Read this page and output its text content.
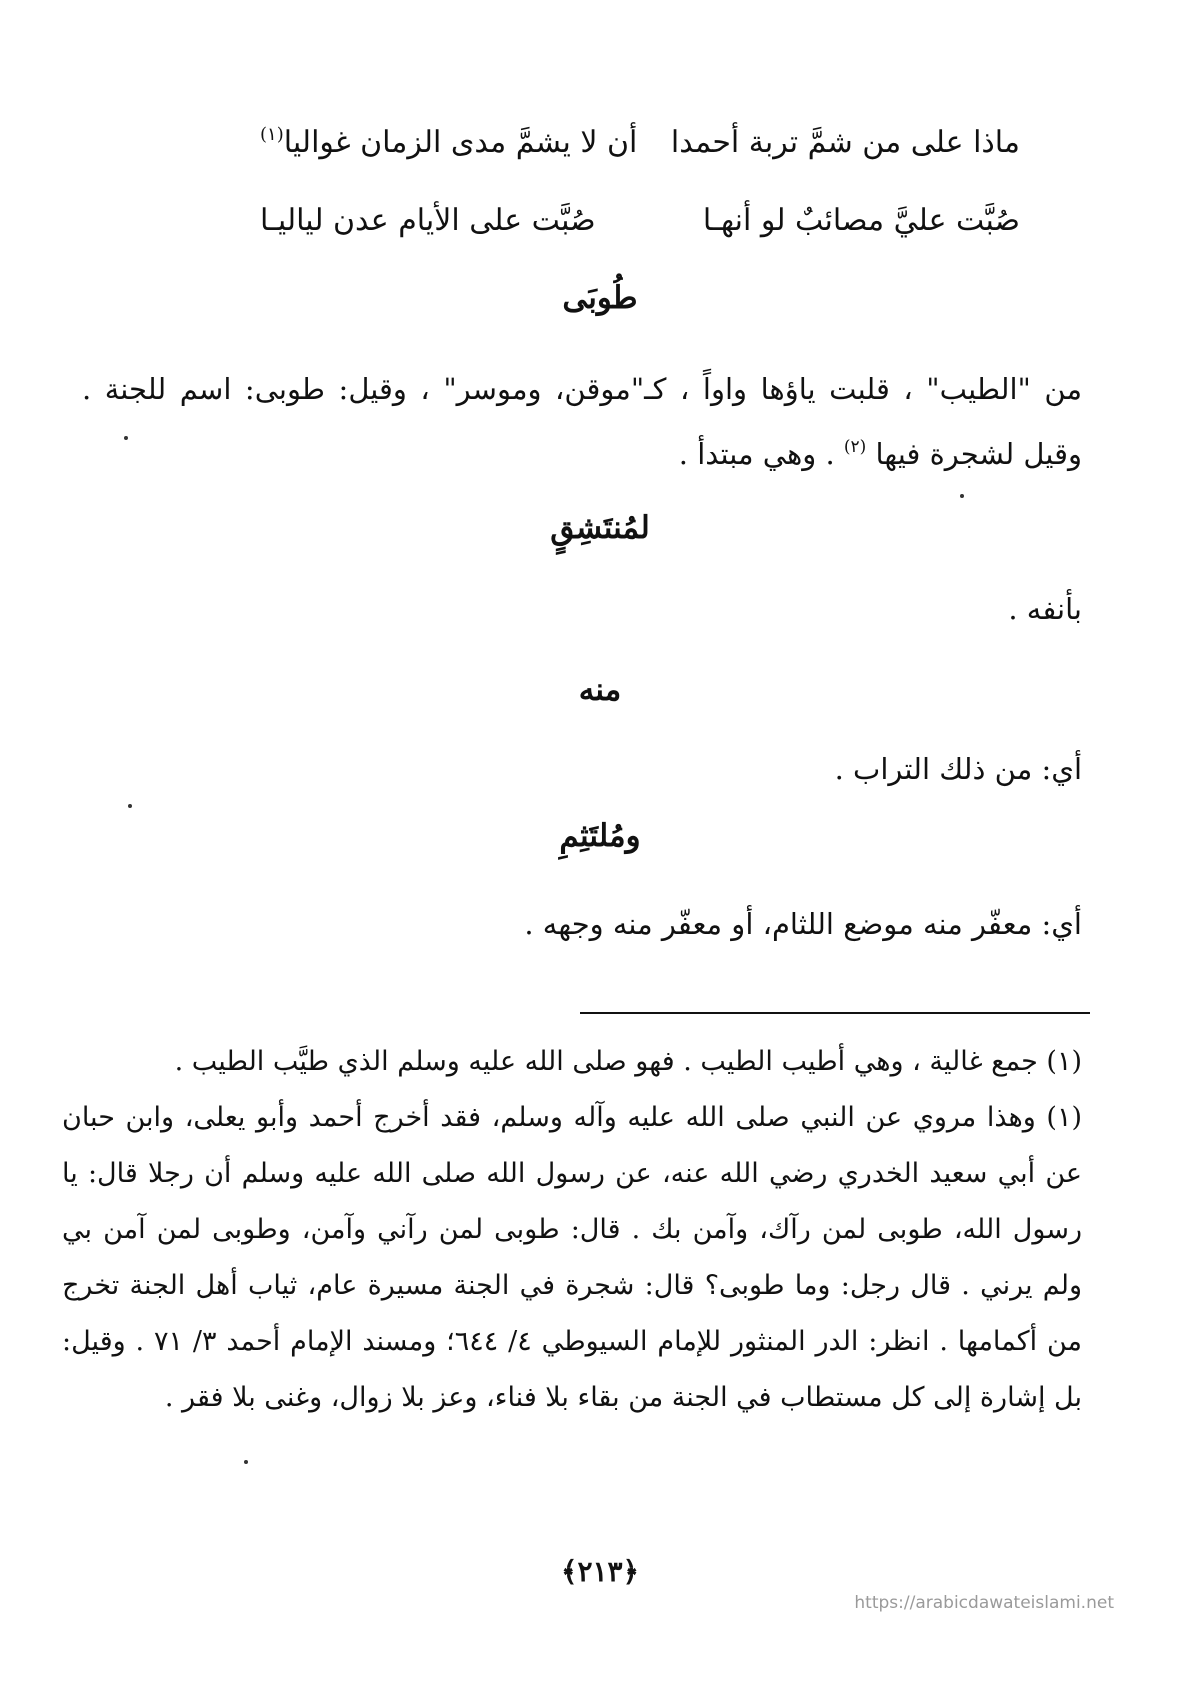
ماذا على من شمَّ تربة أحمدا
أن لا يشمَّ مدى الزمان غواليا$^{(١)}$
صُبَّت عليَّ مصائبٌ لو أنهـا
صُبَّت على الأيام عدن لياليـا
طُوبَى
من "الطيب" ، قلبت ياؤها واواً ، كـ"موقن، وموسر" ، وقيل: طوبى: اسم للجنة . وقيل لشجرة فيها $^{(٢)}$ . وهي مبتدأ .
لمُنتَشِقٍ
بأنفه .
منه
أي: من ذلك التراب .
ومُلتَثِمِ
أي: معفّر منه موضع اللثام، أو معفّر منه وجهه .

(١) جمع غالية ، وهي أطيب الطيب . فهو صلى الله عليه وسلم الذي طيَّب الطيب .

(١) وهذا مروي عن النبي صلى الله عليه وآله وسلم، فقد أخرج أحمد وأبو يعلى، وابن حبان عن أبي سعيد الخدري رضي الله عنه، عن رسول الله صلى الله عليه وسلم أن رجلا قال: يا رسول الله، طوبى لمن رآك، وآمن بك . قال: طوبى لمن رآني وآمن، وطوبى لمن آمن بي ولم يرني . قال رجل: وما طوبى؟ قال: شجرة في الجنة مسيرة عام، ثياب أهل الجنة تخرج من أكمامها . انظر: الدر المنثور للإمام السيوطي ٤/ ٦٤٤؛ ومسند الإمام أحمد ٣/ ٧١ . وقيل: بل إشارة إلى كل مستطاب في الجنة من بقاء بلا فناء، وعز بلا زوال، وغنى بلا فقر .

﴿٢١٣﴾
https://arabicdawateislami.net
